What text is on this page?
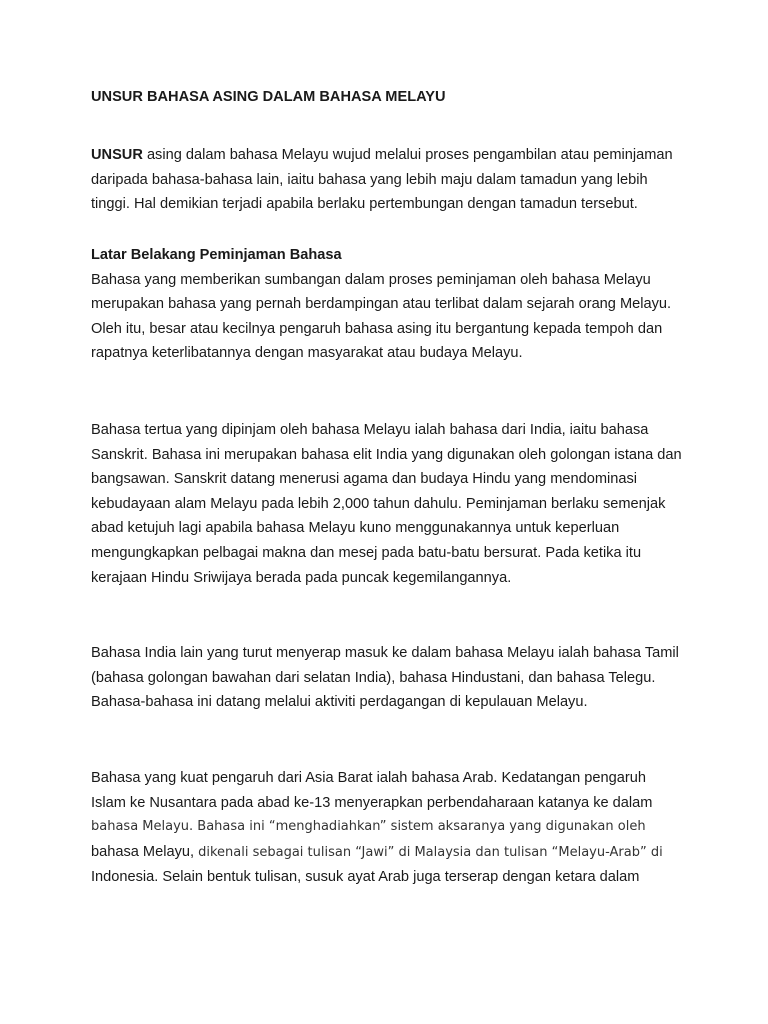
UNSUR BAHASA ASING DALAM BAHASA MELAYU

UNSUR asing dalam bahasa Melayu wujud melalui proses pengambilan atau peminjaman
daripada bahasa-bahasa lain, iaitu bahasa yang lebih maju dalam tamadun yang lebih
tinggi. Hal demikian terjadi apabila berlaku pertembungan dengan tamadun tersebut.

Latar Belakang Peminjaman Bahasa
Bahasa yang memberikan sumbangan dalam proses peminjaman oleh bahasa Melayu
merupakan bahasa yang pernah berdampingan atau terlibat dalam sejarah orang Melayu.
Oleh itu, besar atau kecilnya pengaruh bahasa asing itu bergantung kepada tempoh dan
rapatnya keterlibatannya dengan masyarakat atau budaya Melayu.

Bahasa tertua yang dipinjam oleh bahasa Melayu ialah bahasa dari India, iaitu bahasa
Sanskrit. Bahasa ini merupakan bahasa elit India yang digunakan oleh golongan istana dan
bangsawan. Sanskrit datang menerusi agama dan budaya Hindu yang mendominasi
kebudayaan alam Melayu pada lebih 2,000 tahun dahulu. Peminjaman berlaku semenjak
abad ketujuh lagi apabila bahasa Melayu kuno menggunakannya untuk keperluan
mengungkapkan pelbagai makna dan mesej pada batu-batu bersurat. Pada ketika itu
kerajaan Hindu Sriwijaya berada pada puncak kegemilangannya.

Bahasa India lain yang turut menyerap masuk ke dalam bahasa Melayu ialah bahasa Tamil
(bahasa golongan bawahan dari selatan India), bahasa Hindustani, dan bahasa Telegu.
Bahasa-bahasa ini datang melalui aktiviti perdagangan di kepulauan Melayu.

Bahasa yang kuat pengaruh dari Asia Barat ialah bahasa Arab. Kedatangan pengaruh
Islam ke Nusantara pada abad ke-13 menyerapkan perbendaharaan katanya ke dalam
bahasa Melayu. Bahasa ini “menghadiahkan” sistem aksaranya yang digunakan oleh
bahasa Melayu, dikenali sebagai tulisan “Jawi” di Malaysia dan tulisan “Melayu-Arab” di
Indonesia. Selain bentuk tulisan, susuk ayat Arab juga terserap dengan ketara dalam
